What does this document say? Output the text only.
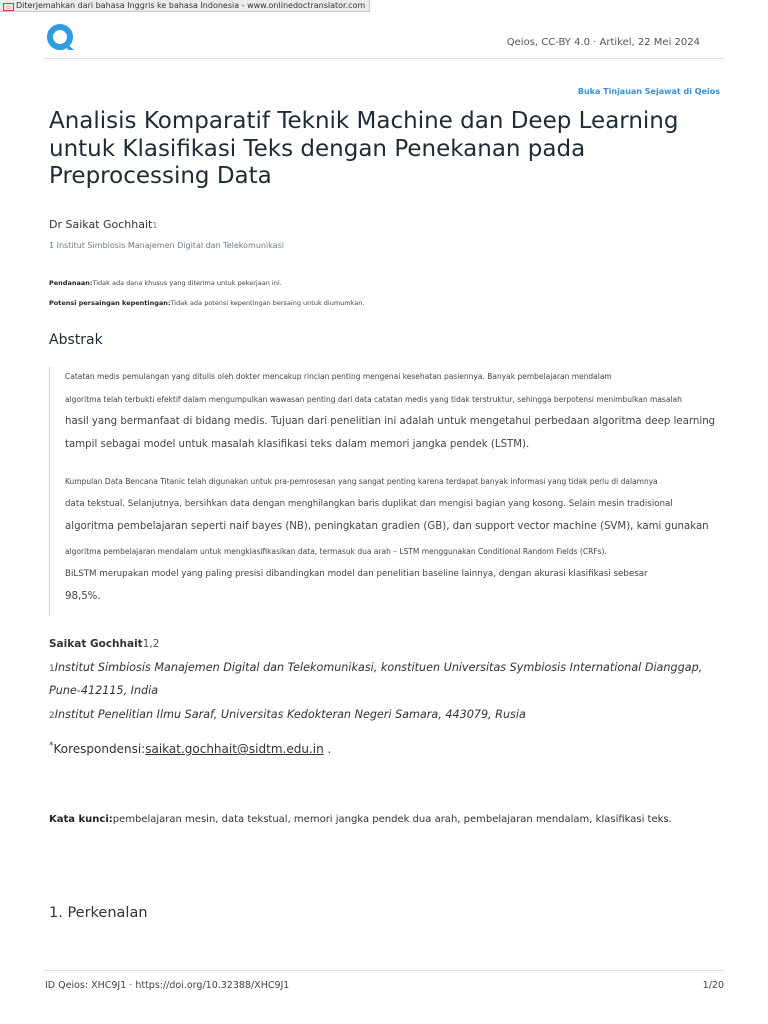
▭ Diterjemahkan dari bahasa Inggris ke bahasa Indonesia - www.onlinedoctranslator.com
Qeios, CC-BY 4.0 · Artikel, 22 Mei 2024
Buka Tinjauan Sejawat di Qeios
Analisis Komparatif Teknik Machine dan Deep Learning untuk Klasifikasi Teks dengan Penekanan pada Preprocessing Data
Dr Saikat Gochhait1
1 Institut Simbiosis Manajemen Digital dan Telekomunikasi
Pendanaan:Tidak ada dana khusus yang diterima untuk pekerjaan ini.
Potensi persaingan kepentingan:Tidak ada potensi kepentingan bersaing untuk diumumkan.
Abstrak
Catatan medis pemulangan yang ditulis oleh dokter mencakup rincian penting mengenai kesehatan pasiennya. Banyak pembelajaran mendalam
algoritma telah terbukti efektif dalam mengumpulkan wawasan penting dari data catatan medis yang tidak terstruktur, sehingga berpotensi menimbulkan masalah
hasil yang bermanfaat di bidang medis. Tujuan dari penelitian ini adalah untuk mengetahui perbedaan algoritma deep learning
tampil sebagai model untuk masalah klasifikasi teks dalam memori jangka pendek (LSTM).
Kumpulan Data Bencana Titanic telah digunakan untuk pra-pemrosesan yang sangat penting karena terdapat banyak informasi yang tidak perlu di dalamnya
data tekstual. Selanjutnya, bersihkan data dengan menghilangkan baris duplikat dan mengisi bagian yang kosong. Selain mesin tradisional
algoritma pembelajaran seperti naif bayes (NB), peningkatan gradien (GB), dan support vector machine (SVM), kami gunakan
algoritma pembelajaran mendalam untuk mengklasifikasikan data, termasuk dua arah – LSTM menggunakan Conditional Random Fields (CRFs).
BiLSTM merupakan model yang paling presisi dibandingkan model dan penelitian baseline lainnya, dengan akurasi klasifikasi sebesar
98,5%.
Saikat Gochhait1,2
1Institut Simbiosis Manajemen Digital dan Telekomunikasi, konstituen Universitas Symbiosis International Dianggap,
Pune-412115, India
2Institut Penelitian Ilmu Saraf, Universitas Kedokteran Negeri Samara, 443079, Rusia
*Korespondensi:saikat.gochhait@sidtm.edu.in .
Kata kunci:pembelajaran mesin, data tekstual, memori jangka pendek dua arah, pembelajaran mendalam, klasifikasi teks.
1. Perkenalan
ID Qeios: XHC9J1 · https://doi.org/10.32388/XHC9J1	1/20
